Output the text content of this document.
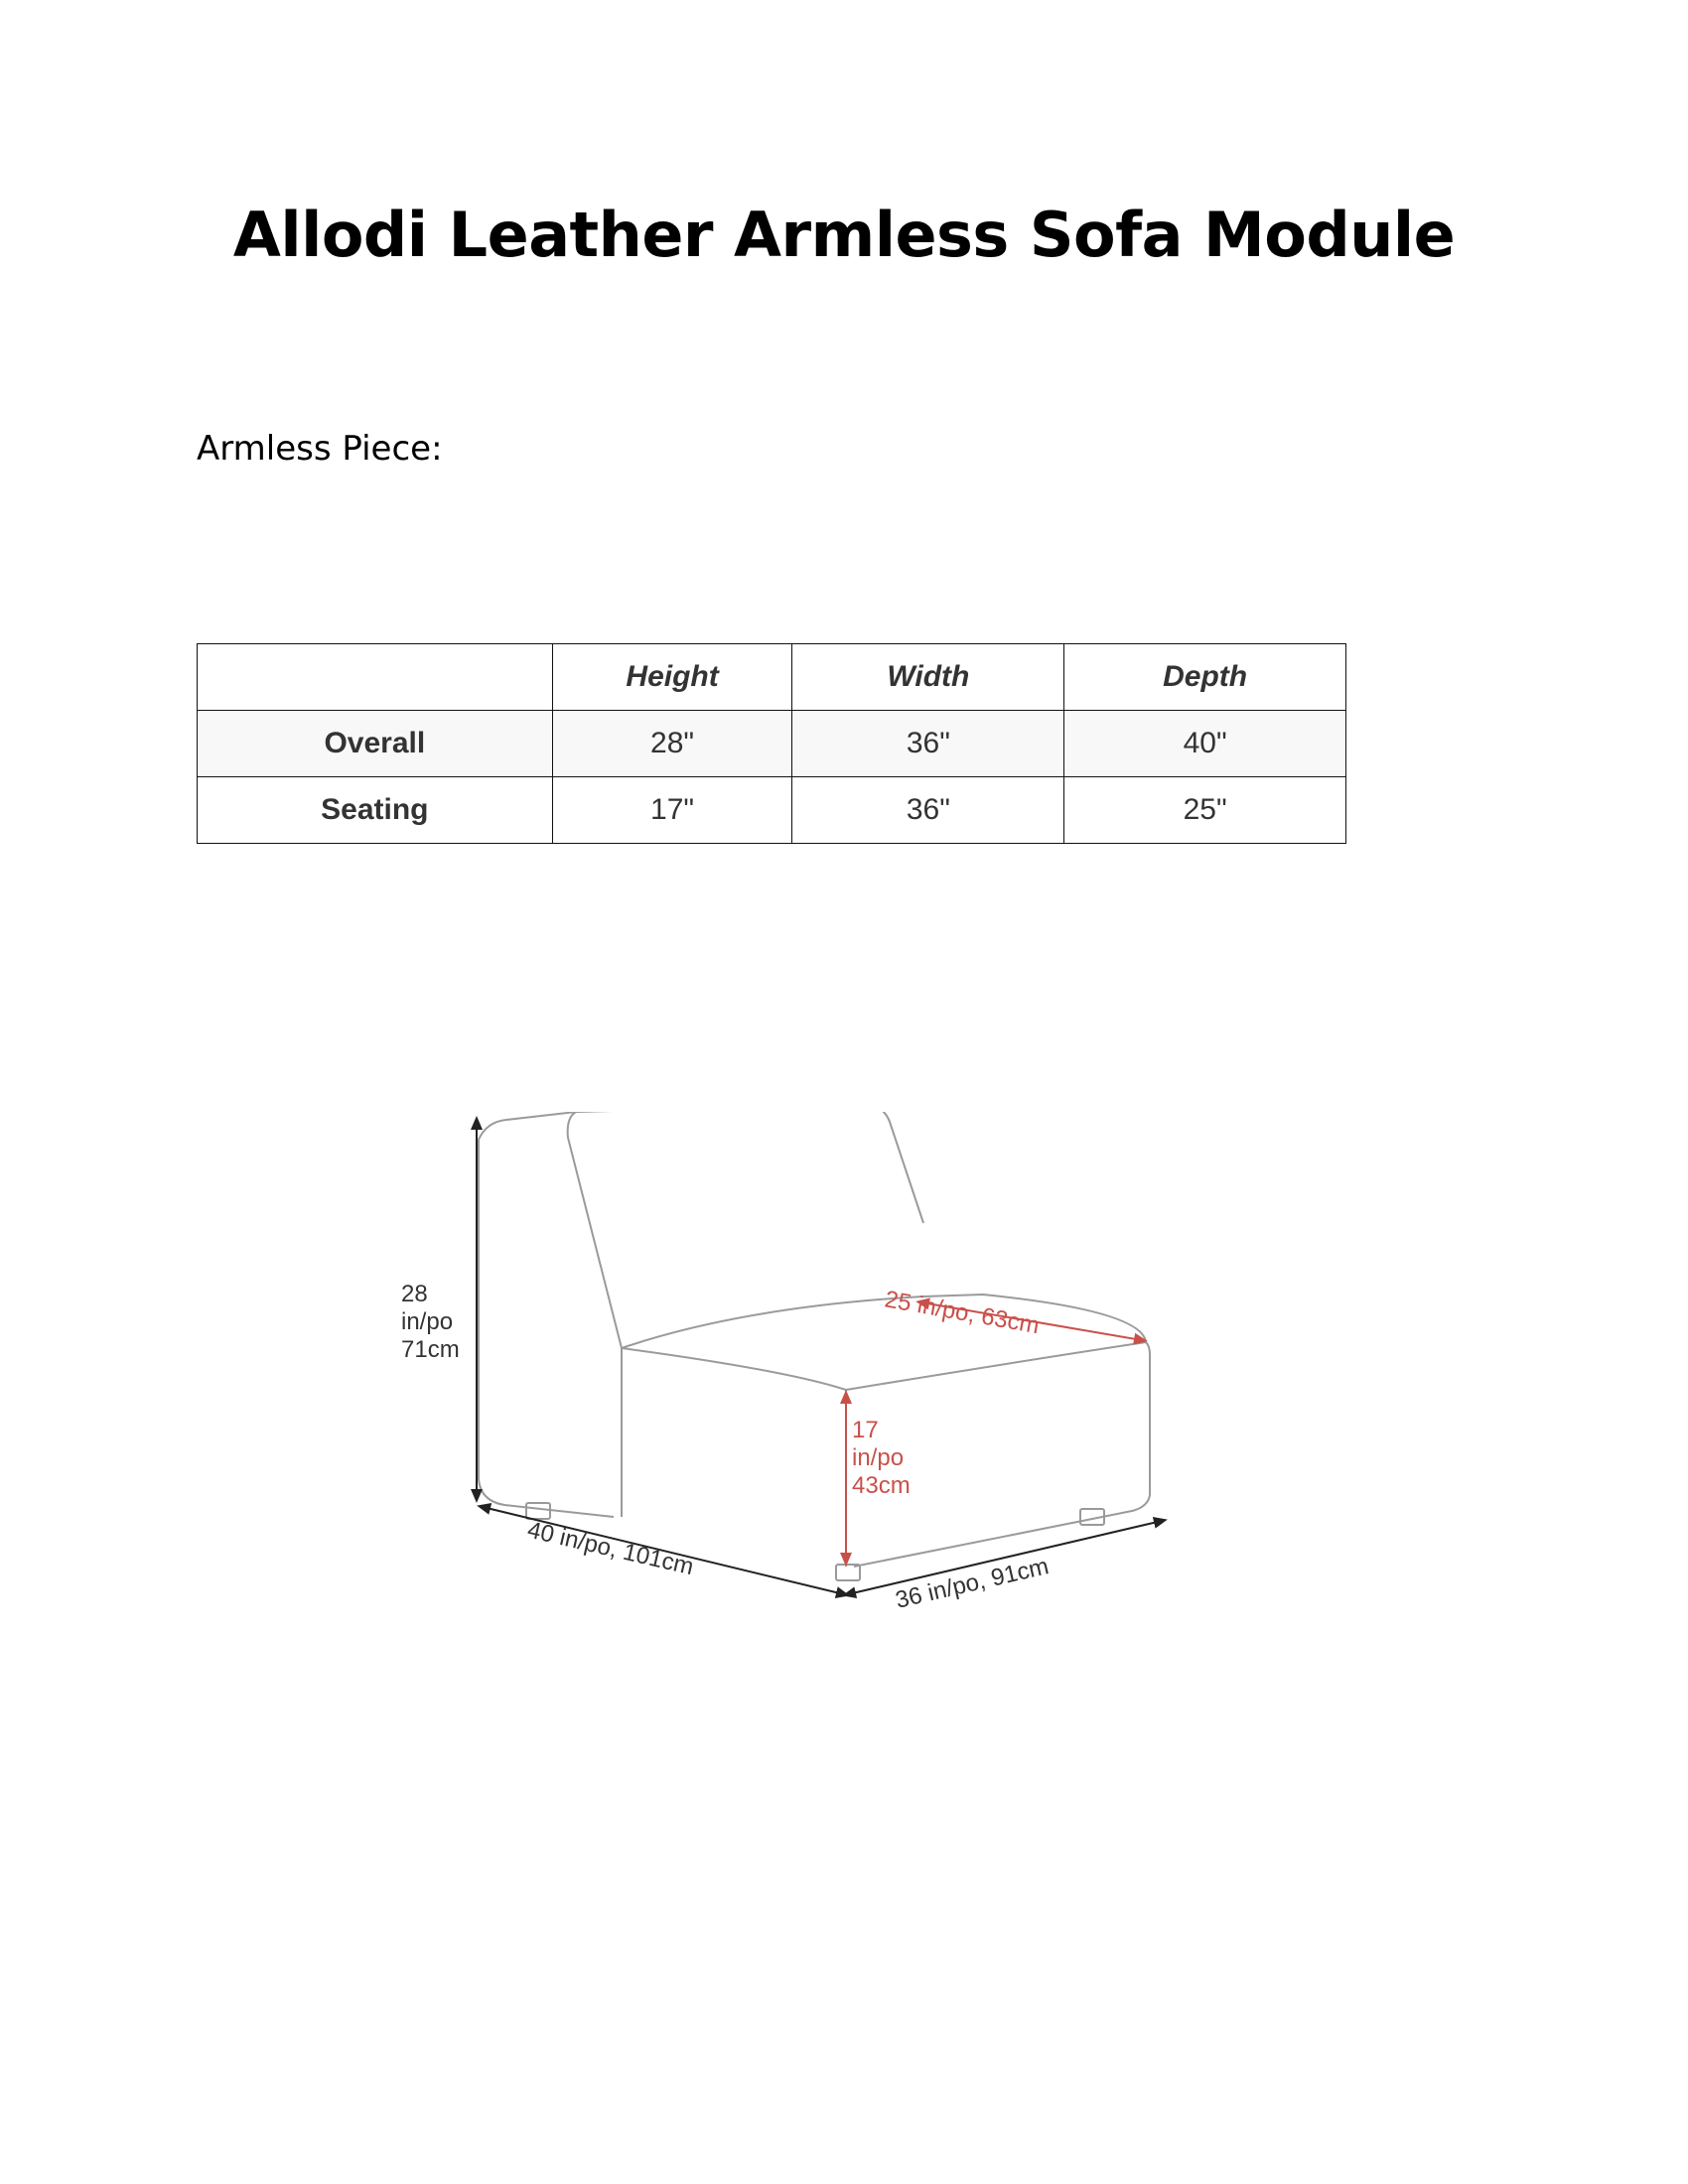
Allodi Leather Armless Sofa Module

Armless Piece:

	Height	Width	Depth
Overall	28"	36"	40"
Seating	17"	36"	25"
28 in/po 71cm
17 in/po 43cm
25 in/po, 63cm
40 in/po, 101cm
36 in/po, 91cm
